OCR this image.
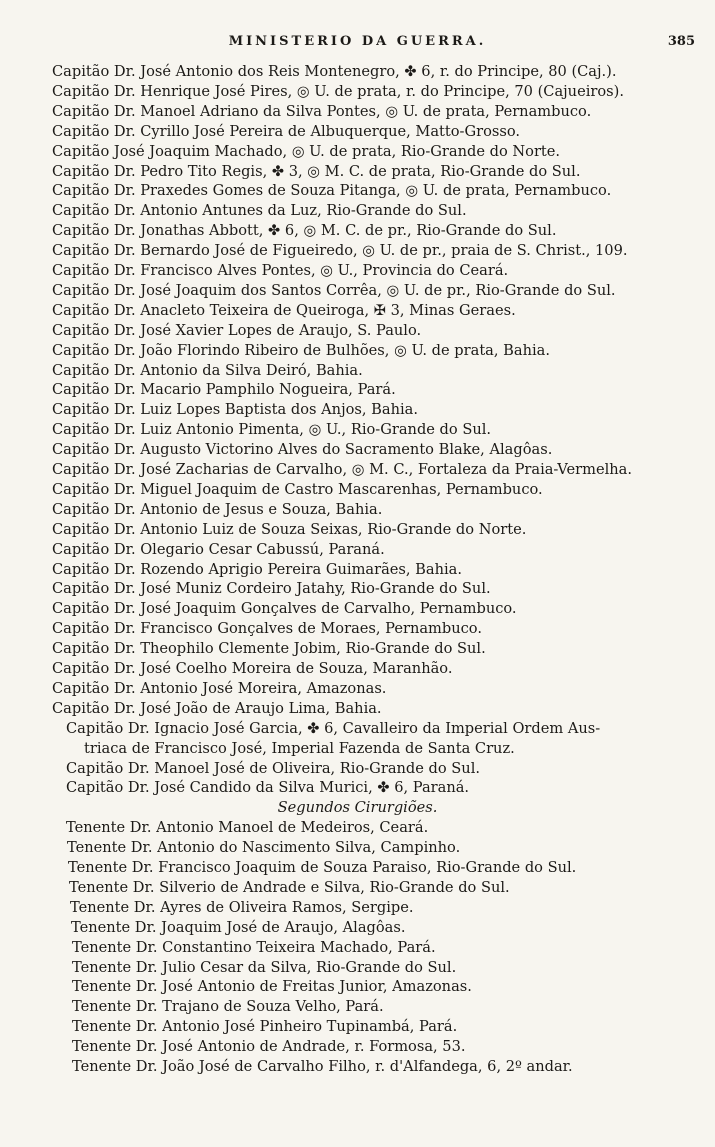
MINISTERIO DA GUERRA.	385
Capitão Dr. José Antonio dos Reis Montenegro, ✤ 6, r. do Principe, 80 (Caj.).
Capitão Dr. Henrique José Pires, ◎ U. de prata, r. do Principe, 70 (Cajueiros).
Capitão Dr. Manoel Adriano da Silva Pontes, ◎ U. de prata, Pernambuco.
Capitão Dr. Cyrillo José Pereira de Albuquerque, Matto-Grosso.
Capitão José Joaquim Machado, ◎ U. de prata, Rio-Grande do Norte.
Capitão Dr. Pedro Tito Regis, ✤ 3, ◎ M. C. de prata, Rio-Grande do Sul.
Capitão Dr. Praxedes Gomes de Souza Pitanga, ◎ U. de prata, Pernambuco.
Capitão Dr. Antonio Antunes da Luz, Rio-Grande do Sul.
Capitão Dr. Jonathas Abbott, ✤ 6, ◎ M. C. de pr., Rio-Grande do Sul.
Capitão Dr. Bernardo José de Figueiredo, ◎ U. de pr., praia de S. Christ., 109.
Capitão Dr. Francisco Alves Pontes, ◎ U., Provincia do Ceará.
Capitão Dr. José Joaquim dos Santos Corrêa, ◎ U. de pr., Rio-Grande do Sul.
Capitão Dr. Anacleto Teixeira de Queiroga, ✠ 3, Minas Geraes.
Capitão Dr. José Xavier Lopes de Araujo, S. Paulo.
Capitão Dr. João Florindo Ribeiro de Bulhões, ◎ U. de prata, Bahia.
Capitão Dr. Antonio da Silva Deiró, Bahia.
Capitão Dr. Macario Pamphilo Nogueira, Pará.
Capitão Dr. Luiz Lopes Baptista dos Anjos, Bahia.
Capitão Dr. Luiz Antonio Pimenta, ◎ U., Rio-Grande do Sul.
Capitão Dr. Augusto Victorino Alves do Sacramento Blake, Alagôas.
Capitão Dr. José Zacharias de Carvalho, ◎ M. C., Fortaleza da Praia-Vermelha.
Capitão Dr. Miguel Joaquim de Castro Mascarenhas, Pernambuco.
Capitão Dr. Antonio de Jesus e Souza, Bahia.
Capitão Dr. Antonio Luiz de Souza Seixas, Rio-Grande do Norte.
Capitão Dr. Olegario Cesar Cabussú, Paraná.
Capitão Dr. Rozendo Aprigio Pereira Guimarães, Bahia.
Capitão Dr. José Muniz Cordeiro Jatahy, Rio-Grande do Sul.
Capitão Dr. José Joaquim Gonçalves de Carvalho, Pernambuco.
Capitão Dr. Francisco Gonçalves de Moraes, Pernambuco.
Capitão Dr. Theophilo Clemente Jobim, Rio-Grande do Sul.
Capitão Dr. José Coelho Moreira de Souza, Maranhão.
Capitão Dr. Antonio José Moreira, Amazonas.
Capitão Dr. José João de Araujo Lima, Bahia.
Capitão Dr. Ignacio José Garcia, ✤ 6, Cavalleiro da Imperial Ordem Aus-
triaca de Francisco José, Imperial Fazenda de Santa Cruz.
Capitão Dr. Manoel José de Oliveira, Rio-Grande do Sul.
Capitão Dr. José Candido da Silva Murici, ✤ 6, Paraná.
Segundos Cirurgiões.
Tenente Dr. Antonio Manoel de Medeiros, Ceará.
Tenente Dr. Antonio do Nascimento Silva, Campinho.
Tenente Dr. Francisco Joaquim de Souza Paraiso, Rio-Grande do Sul.
Tenente Dr. Silverio de Andrade e Silva, Rio-Grande do Sul.
Tenente Dr. Ayres de Oliveira Ramos, Sergipe.
Tenente Dr. Joaquim José de Araujo, Alagôas.
Tenente Dr. Constantino Teixeira Machado, Pará.
Tenente Dr. Julio Cesar da Silva, Rio-Grande do Sul.
Tenente Dr. José Antonio de Freitas Junior, Amazonas.
Tenente Dr. Trajano de Souza Velho, Pará.
Tenente Dr. Antonio José Pinheiro Tupinambá, Pará.
Tenente Dr. José Antonio de Andrade, r. Formosa, 53.
Tenente Dr. João José de Carvalho Filho, r. d'Alfandega, 6, 2º andar.
